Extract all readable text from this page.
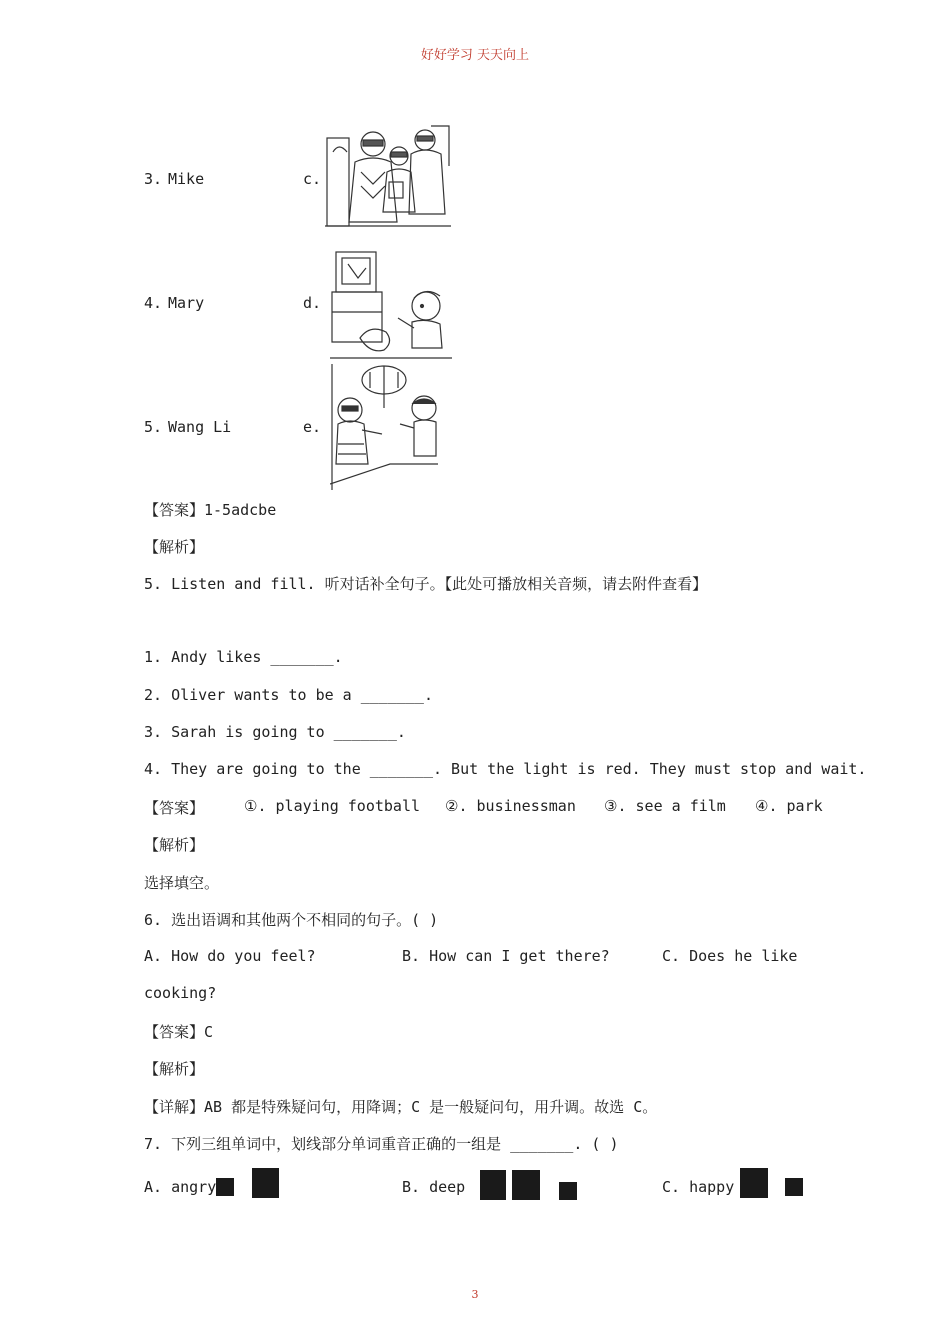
好好学习 天天向上
3. Mike	c.
4. Mary	d.
5. Wang Li	e.
【答案】1-5adcbe
【解析】
5. Listen and fill. 听对话补全句子。【此处可播放相关音频，请去附件查看】
1. Andy likes _______.
2. Oliver wants to be a _______.
3. Sarah is going to _______.
4. They are going to the _______. But the light is red. They must stop and wait.
【答案】	①. playing football ②. businessman ③. see a film ④. park
【解析】
选择填空。
6. 选出语调和其他两个不相同的句子。( )
A. How do you feel?	B. How can I get there?	C. Does he like
cooking?
【答案】C
【解析】
【详解】AB 都是特殊疑问句，用降调；C 是一般疑问句，用升调。故选 C。
7. 下列三组单词中，划线部分单词重音正确的一组是 _______. ( )
A. angry	B. deep	C. happy
3
